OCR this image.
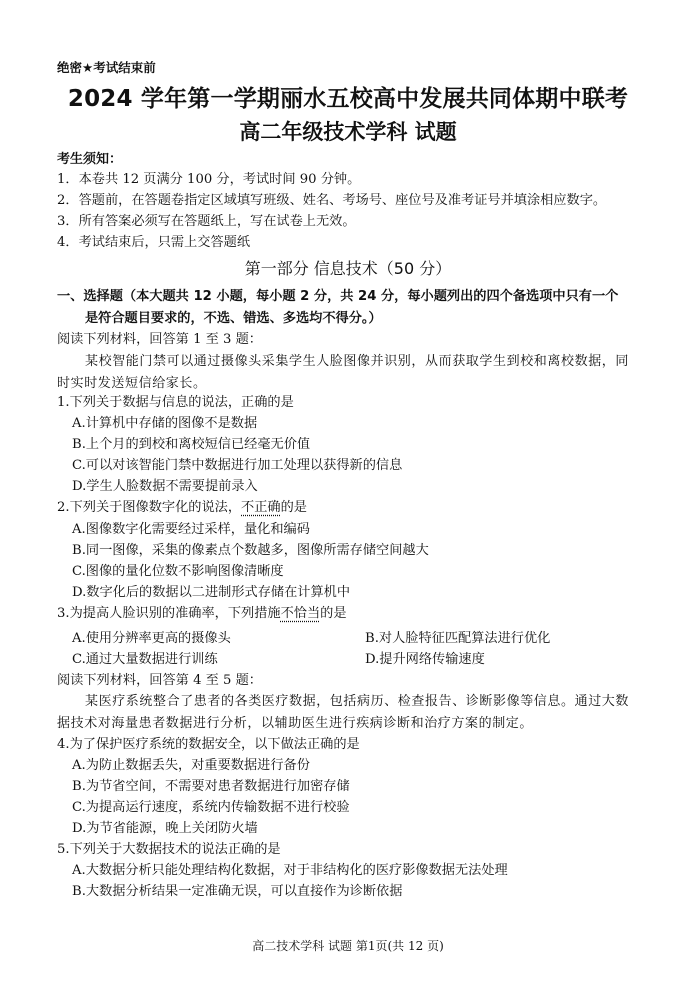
绝密★考试结束前
2024 学年第一学期丽水五校高中发展共同体期中联考
高二年级技术学科 试题
考生须知：
1．本卷共 12 页满分 100 分，考试时间 90 分钟。
2．答题前，在答题卷指定区域填写班级、姓名、考场号、座位号及准考证号并填涂相应数字。
3．所有答案必须写在答题纸上，写在试卷上无效。
4．考试结束后，只需上交答题纸
第一部分 信息技术（50 分）
一、选择题（本大题共 12 小题，每小题 2 分，共 24 分，每小题列出的四个备选项中只有一个
是符合题目要求的，不选、错选、多选均不得分。）
阅读下列材料，回答第 1 至 3 题：
某校智能门禁可以通过摄像头采集学生人脸图像并识别，从而获取学生到校和离校数据，同时实时发送短信给家长。
1.下列关于数据与信息的说法，正确的是
A.计算机中存储的图像不是数据
B.上个月的到校和离校短信已经毫无价值
C.可以对该智能门禁中数据进行加工处理以获得新的信息
D.学生人脸数据不需要提前录入
2.下列关于图像数字化的说法，不正确的是
A.图像数字化需要经过采样，量化和编码
B.同一图像，采集的像素点个数越多，图像所需存储空间越大
C.图像的量化位数不影响图像清晰度
D.数字化后的数据以二进制形式存储在计算机中
3.为提高人脸识别的准确率，下列措施不恰当的是
A.使用分辨率更高的摄像头	B.对人脸特征匹配算法进行优化
C.通过大量数据进行训练	D.提升网络传输速度
阅读下列材料，回答第 4 至 5 题：
某医疗系统整合了患者的各类医疗数据，包括病历、检查报告、诊断影像等信息。通过大数据技术对海量患者数据进行分析，以辅助医生进行疾病诊断和治疗方案的制定。
4.为了保护医疗系统的数据安全，以下做法正确的是
A.为防止数据丢失，对重要数据进行备份
B.为节省空间，不需要对患者数据进行加密存储
C.为提高运行速度，系统内传输数据不进行校验
D.为节省能源，晚上关闭防火墙
5.下列关于大数据技术的说法正确的是
A.大数据分析只能处理结构化数据，对于非结构化的医疗影像数据无法处理
B.大数据分析结果一定准确无误，可以直接作为诊断依据
高二技术学科 试题 第1页(共 12 页)
